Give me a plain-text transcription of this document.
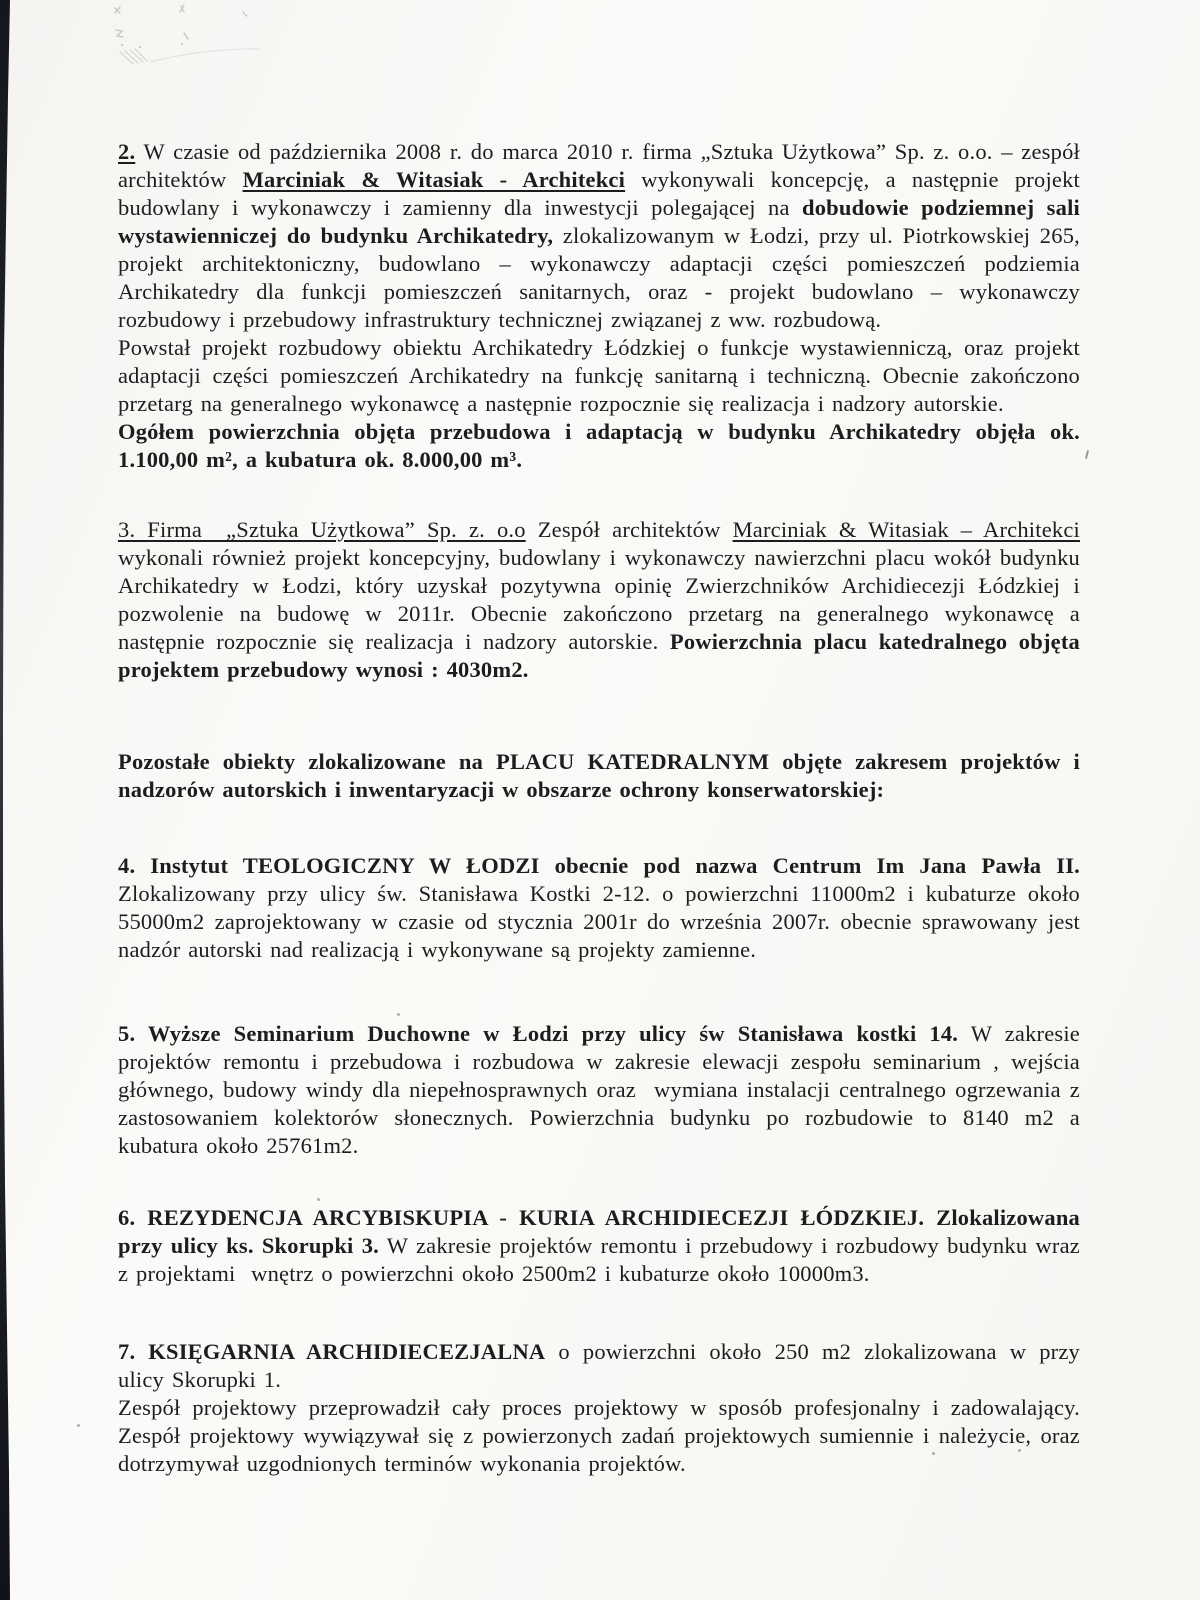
2. W czasie od października 2008 r. do marca 2010 r. firma „Sztuka Użytkowa” Sp. z. o.o. – zespół architektów Marciniak & Witasiak - Architekci wykonywali koncepcję, a następnie projekt budowlany i wykonawczy i zamienny dla inwestycji polegającej na dobudowie podziemnej sali wystawienniczej do budynku Archikatedry, zlokalizowanym w Łodzi, przy ul. Piotrkowskiej 265, projekt architektoniczny, budowlano – wykonawczy adaptacji części pomieszczeń podziemia Archikatedry dla funkcji pomieszczeń sanitarnych, oraz - projekt budowlano – wykonawczy rozbudowy i przebudowy infrastruktury technicznej związanej z ww. rozbudową.

Powstał projekt rozbudowy obiektu Archikatedry Łódzkiej o funkcje wystawienniczą, oraz projekt adaptacji części pomieszczeń Archikatedry na funkcję sanitarną i techniczną. Obecnie zakończono przetarg na generalnego wykonawcę a następnie rozpocznie się realizacja i nadzory autorskie.

Ogółem powierzchnia objęta przebudowa i adaptacją w budynku Archikatedry objęła ok. 1.100,00 m², a kubatura ok. 8.000,00 m³.

3. Firma  „Sztuka Użytkowa” Sp. z. o.o Zespół architektów Marciniak & Witasiak – Architekci wykonali również projekt koncepcyjny, budowlany i wykonawczy nawierzchni placu wokół budynku Archikatedry w Łodzi, który uzyskał pozytywna opinię Zwierzchników Archidiecezji Łódzkiej i pozwolenie na budowę w 2011r. Obecnie zakończono przetarg na generalnego wykonawcę a następnie rozpocznie się realizacja i nadzory autorskie. Powierzchnia placu katedralnego objęta projektem przebudowy wynosi : 4030m2.

Pozostałe obiekty zlokalizowane na PLACU KATEDRALNYM objęte zakresem projektów i nadzorów autorskich i inwentaryzacji w obszarze ochrony konserwatorskiej:

4. Instytut TEOLOGICZNY W ŁODZI obecnie pod nazwa Centrum Im Jana Pawła II. Zlokalizowany przy ulicy św. Stanisława Kostki 2-12. o powierzchni 11000m2 i kubaturze około 55000m2 zaprojektowany w czasie od stycznia 2001r do września 2007r. obecnie sprawowany jest nadzór autorski nad realizacją i wykonywane są projekty zamienne.

5. Wyższe Seminarium Duchowne w Łodzi przy ulicy św Stanisława kostki 14. W zakresie projektów remontu i przebudowa i rozbudowa w zakresie elewacji zespołu seminarium , wejścia głównego, budowy windy dla niepełnosprawnych oraz  wymiana instalacji centralnego ogrzewania z zastosowaniem kolektorów słonecznych. Powierzchnia budynku po rozbudowie to 8140 m2 a kubatura około 25761m2.

6. REZYDENCJA ARCYBISKUPIA - KURIA ARCHIDIECEZJI ŁÓDZKIEJ. Zlokalizowana przy ulicy ks. Skorupki 3. W zakresie projektów remontu i przebudowy i rozbudowy budynku wraz z projektami  wnętrz o powierzchni około 2500m2 i kubaturze około 10000m3.

7. KSIĘGARNIA ARCHIDIECEZJALNA o powierzchni około 250 m2 zlokalizowana w przy ulicy Skorupki 1.

Zespół projektowy przeprowadził cały proces projektowy w sposób profesjonalny i zadowalający. Zespół projektowy wywiązywał się z powierzonych zadań projektowych sumiennie i należycie, oraz dotrzymywał uzgodnionych terminów wykonania projektów.
